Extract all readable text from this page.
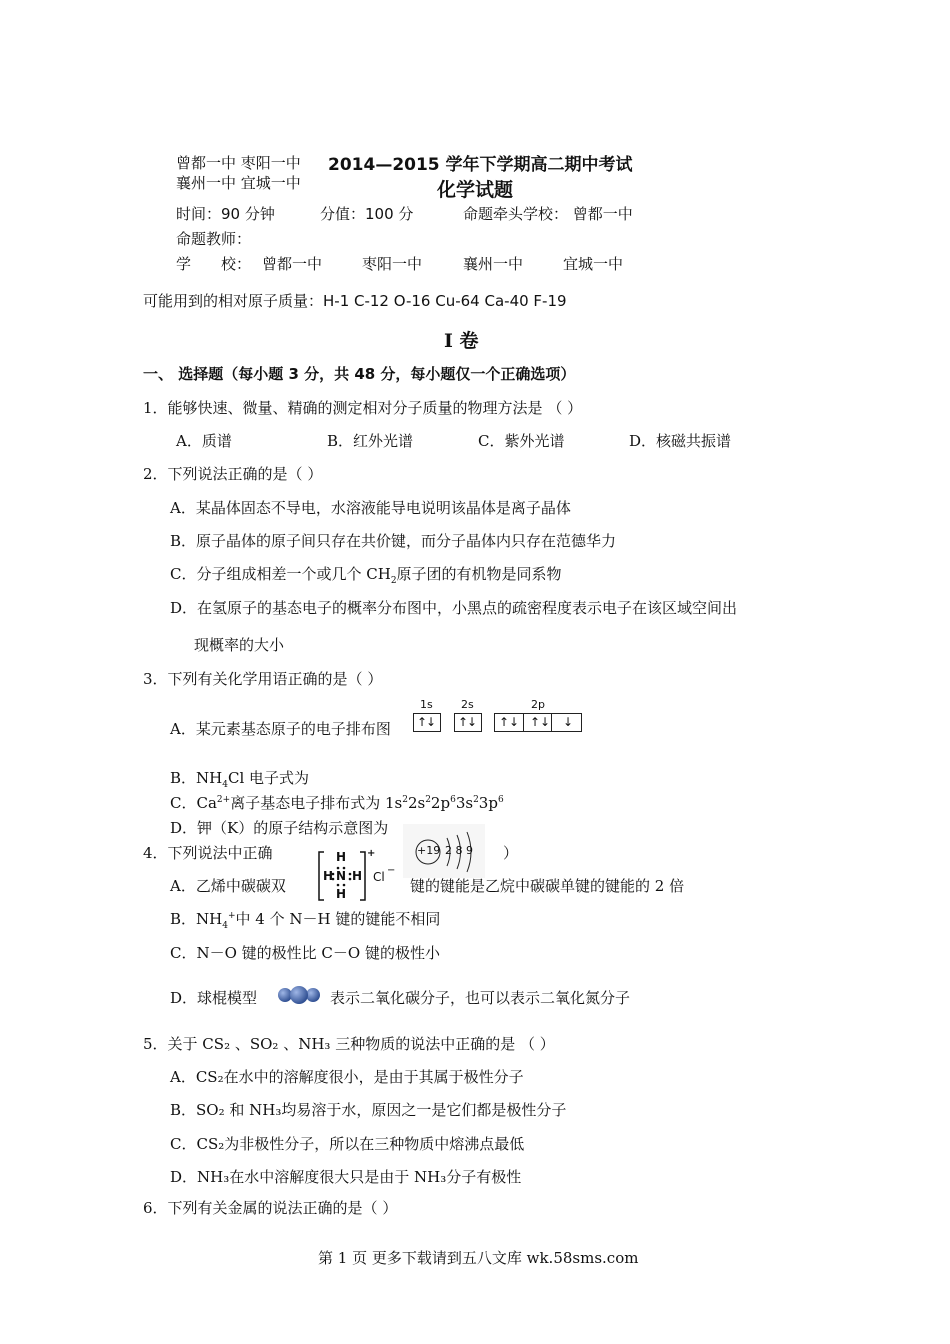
曾都一中 枣阳一中
襄州一中 宜城一中
2014—2015 学年下学期高二期中考试
化学试题
时间：90 分钟	分值：100 分	命题牵头学校： 曾都一中
命题教师：
学　　校： 曾都一中	枣阳一中	襄州一中	宜城一中
可能用到的相对原子质量：H-1 C-12 O-16 Cu-64 Ca-40 F-19
Ⅰ 卷
一、 选择题（每小题 3 分，共 48 分，每小题仅一个正确选项）
1．能够快速、微量、精确的测定相对分子质量的物理方法是 （ ）
A．质谱	B．红外光谱	C．紫外光谱	D．核磁共振谱
2．下列说法正确的是（ ）
A．某晶体固态不导电，水溶液能导电说明该晶体是离子晶体
B．原子晶体的原子间只存在共价键，而分子晶体内只存在范德华力
C．分子组成相差一个或几个 $CH_2$原子团的有机物是同系物
D．在氢原子的基态电子的概率分布图中，小黑点的疏密程度表示电子在该区域空间出
现概率的大小
3．下列有关化学用语正确的是（ ）
A．某元素基态原子的电子排布图
1s	2s	2p
↑
↓ ↑
↓ ↑ ↓ ↑ ↓ ↓
B．$NH_4Cl$ 电子式为
C．$Ca^{2+}$离子基态电子排布式为 $1s^22s^22p^63s^23p^6$
D．钾（K）的原子结构示意图为
+19 2 8 9
4．下列说法中正确	）
H
H N H
H
+
Cl −
A．乙烯中碳碳双	键的键能是乙烷中碳碳单键的键能的 2 倍
B．$NH_4^+$中 4 个 N－H 键的键能不相同
C．N－O 键的极性比 C－O 键的极性小
D．球棍模型	表示二氧化碳分子，也可以表示二氧化氮分子
5．关于 CS₂ 、SO₂ 、NH₃ 三种物质的说法中正确的是 （ ）
A．CS₂在水中的溶解度很小，是由于其属于极性分子
B．SO₂ 和 NH₃均易溶于水，原因之一是它们都是极性分子
C．CS₂为非极性分子，所以在三种物质中熔沸点最低
D．NH₃在水中溶解度很大只是由于 NH₃分子有极性
6．下列有关金属的说法正确的是（ ）
第 1 页 更多下载请到五八文库 wk.58sms.com
